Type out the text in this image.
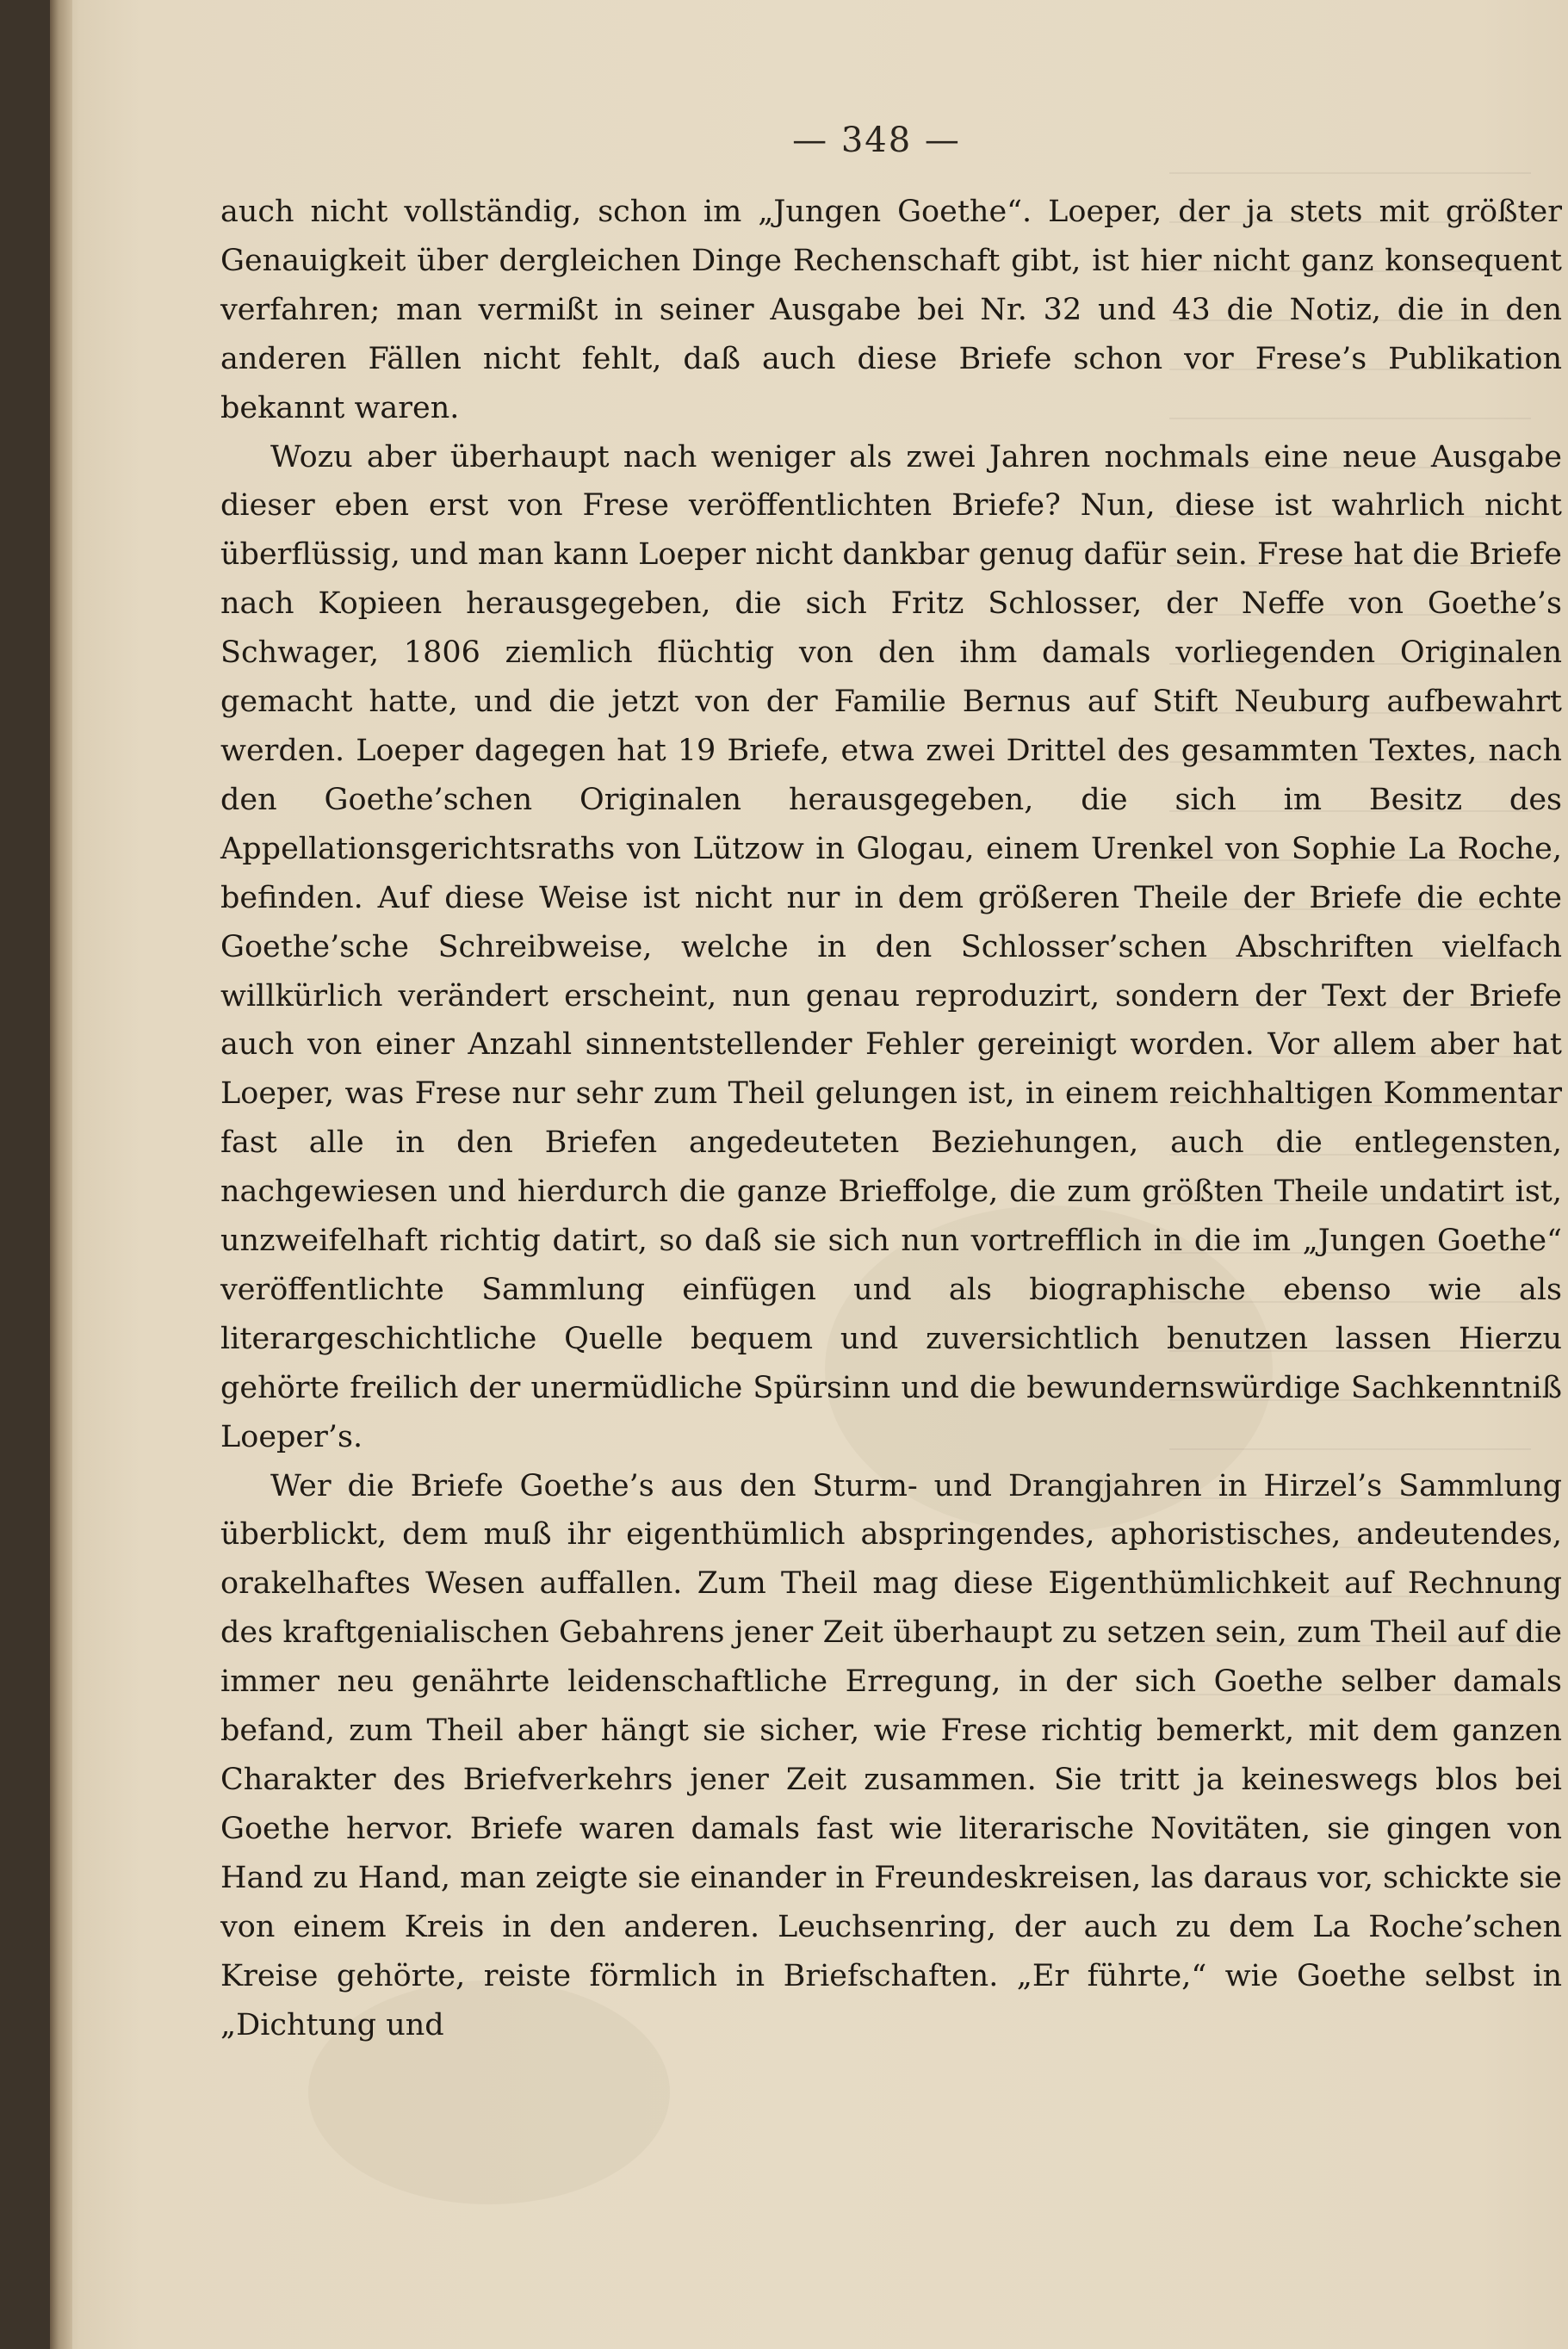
— 348 —

auch nicht vollständig, schon im „Jungen Goethe“. Loeper, der ja stets mit größter Genauigkeit über dergleichen Dinge Rechenschaft gibt, ist hier nicht ganz konsequent verfahren; man vermißt in seiner Ausgabe bei Nr. 32 und 43 die Notiz, die in den anderen Fällen nicht fehlt, daß auch diese Briefe schon vor Frese’s Publikation bekannt waren.

Wozu aber überhaupt nach weniger als zwei Jahren nochmals eine neue Ausgabe dieser eben erst von Frese veröffentlichten Briefe? Nun, diese ist wahrlich nicht überflüssig, und man kann Loeper nicht dankbar genug dafür sein. Frese hat die Briefe nach Kopieen herausgegeben, die sich Fritz Schlosser, der Neffe von Goethe’s Schwager, 1806 ziemlich flüchtig von den ihm damals vorliegenden Originalen gemacht hatte, und die jetzt von der Familie Bernus auf Stift Neuburg aufbewahrt werden. Loeper dagegen hat 19 Briefe, etwa zwei Drittel des gesammten Textes, nach den Goethe’schen Originalen herausgegeben, die sich im Besitz des Appellationsgerichtsraths von Lützow in Glogau, einem Urenkel von Sophie La Roche, befinden. Auf diese Weise ist nicht nur in dem größeren Theile der Briefe die echte Goethe’sche Schreibweise, welche in den Schlosser’schen Abschriften vielfach willkürlich verändert erscheint, nun genau reproduzirt, sondern der Text der Briefe auch von einer Anzahl sinnentstellender Fehler gereinigt worden. Vor allem aber hat Loeper, was Frese nur sehr zum Theil gelungen ist, in einem reichhaltigen Kommentar fast alle in den Briefen angedeuteten Beziehungen, auch die entlegensten, nachgewiesen und hierdurch die ganze Brieffolge, die zum größten Theile undatirt ist, unzweifelhaft richtig datirt, so daß sie sich nun vortrefflich in die im „Jungen Goethe“ veröffentlichte Sammlung einfügen und als biographische ebenso wie als literargeschichtliche Quelle bequem und zuversichtlich benutzen lassen Hierzu gehörte freilich der unermüdliche Spürsinn und die bewundernswürdige Sachkenntniß Loeper’s.

Wer die Briefe Goethe’s aus den Sturm- und Drangjahren in Hirzel’s Sammlung überblickt, dem muß ihr eigenthümlich abspringendes, aphoristisches, andeutendes, orakelhaftes Wesen auffallen. Zum Theil mag diese Eigenthümlichkeit auf Rechnung des kraftgenialischen Gebahrens jener Zeit überhaupt zu setzen sein, zum Theil auf die immer neu genährte leidenschaftliche Erregung, in der sich Goethe selber damals befand, zum Theil aber hängt sie sicher, wie Frese richtig bemerkt, mit dem ganzen Charakter des Briefverkehrs jener Zeit zusammen. Sie tritt ja keineswegs blos bei Goethe hervor. Briefe waren damals fast wie literarische Novitäten, sie gingen von Hand zu Hand, man zeigte sie einander in Freundeskreisen, las daraus vor, schickte sie von einem Kreis in den anderen. Leuchsenring, der auch zu dem La Roche’schen Kreise gehörte, reiste förmlich in Briefschaften. „Er führte,“ wie Goethe selbst in „Dichtung und
